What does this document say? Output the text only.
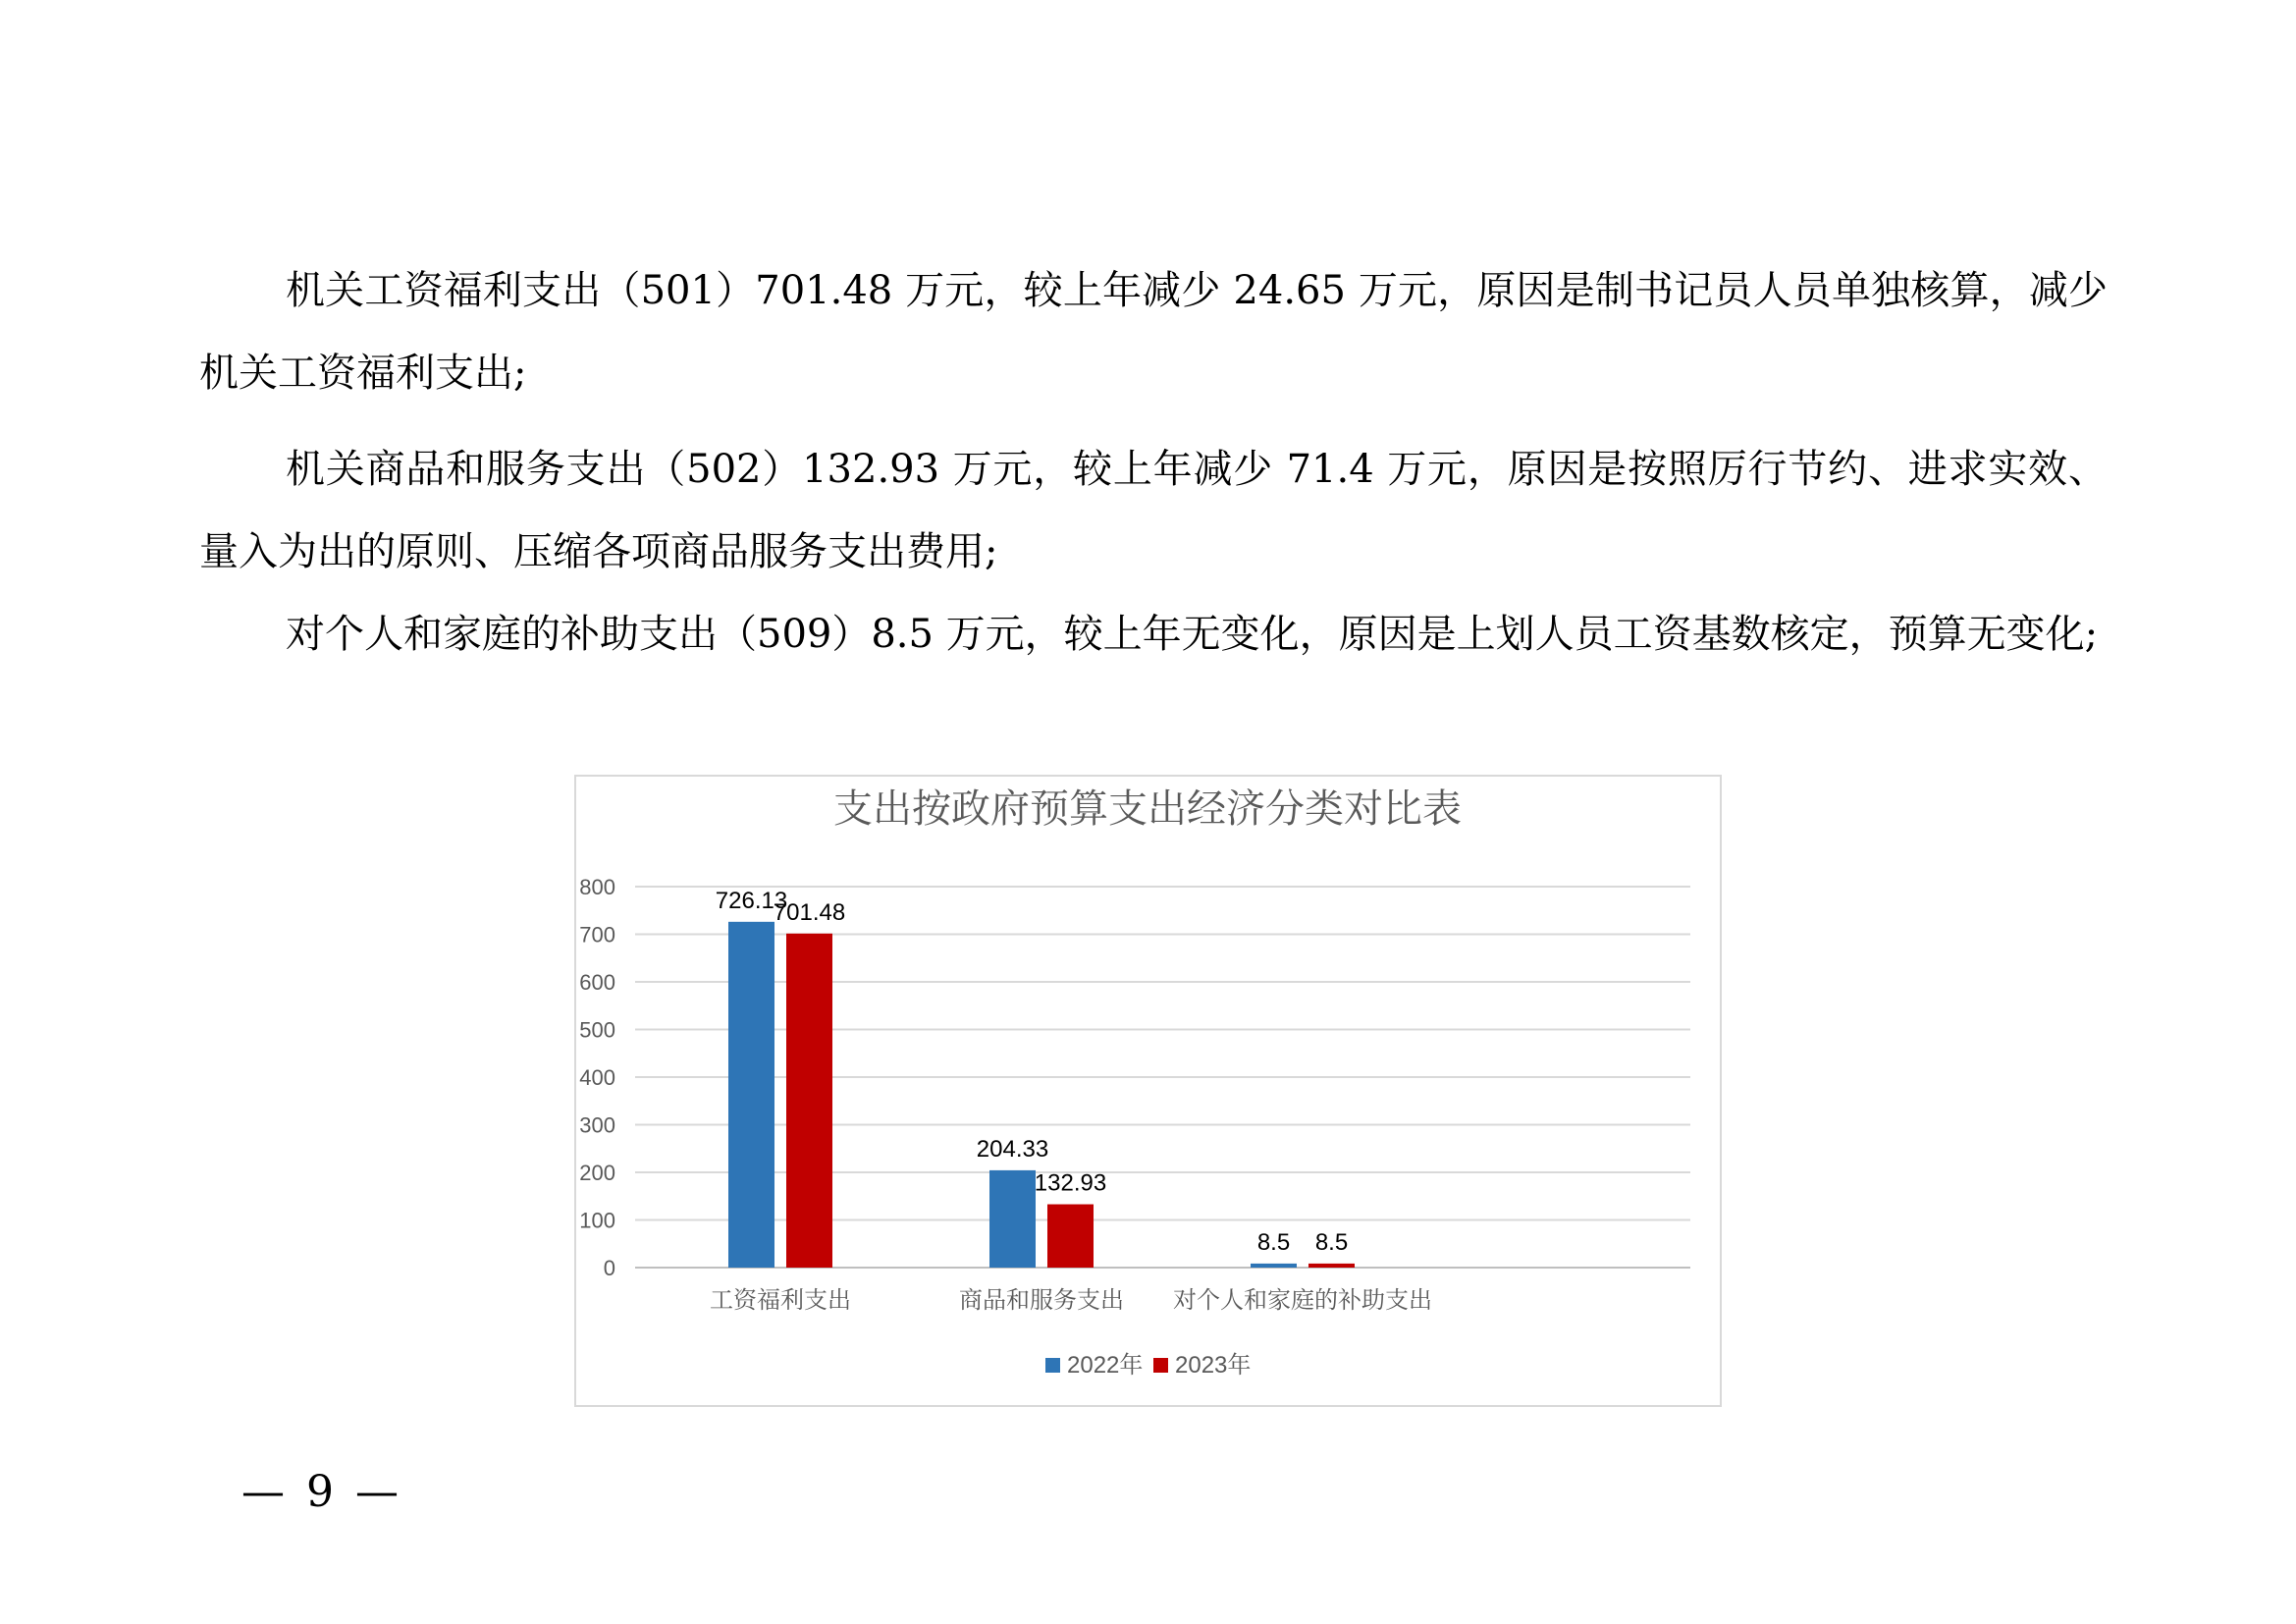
机关工资福利支出（501）701.48 万元，较上年减少 24.65 万元，原因是制书记员人员单独核算，减少机关工资福利支出;

机关商品和服务支出（502）132.93 万元，较上年减少 71.4 万元，原因是按照厉行节约、进求实效、量入为出的原则、压缩各项商品服务支出费用;

对个人和家庭的补助支出（509）8.5 万元，较上年无变化，原因是上划人员工资基数核定，预算无变化;

支出按政府预算支出经济分类对比表
0
100
200
300
400
500
600
700
800
726.13
701.48
204.33
132.93
8.5 8.5
工资福利支出	商品和服务支出 对个人和家庭的补助支出
2022年 2023年
— 9 —
